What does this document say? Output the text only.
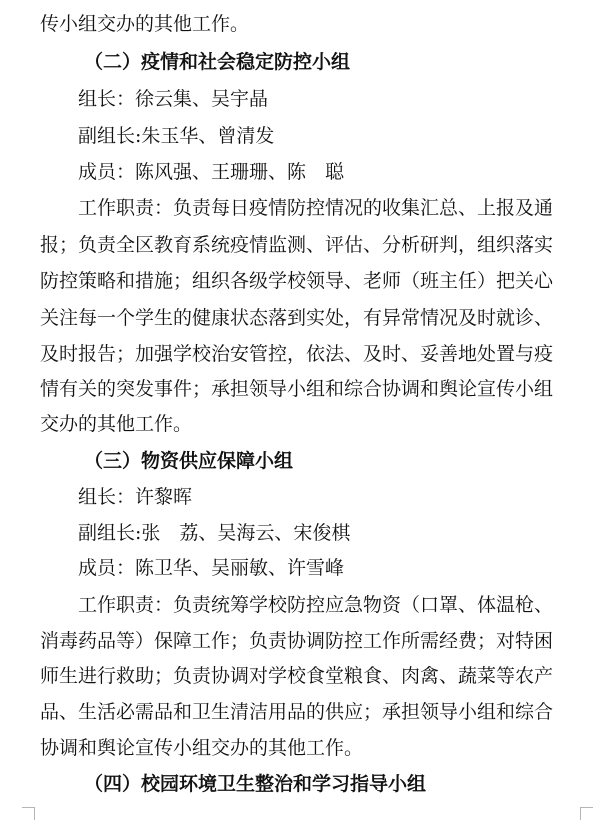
传小组交办的其他工作。
（二）疫情和社会稳定防控小组
组长：徐云集、吴宇晶
副组长:朱玉华、曾清发
成员：陈风强、王珊珊、陈　聪
工作职责：负责每日疫情防控情况的收集汇总、上报及通
报；负责全区教育系统疫情监测、评估、分析研判，组织落实
防控策略和措施；组织各级学校领导、老师（班主任）把关心
关注每一个学生的健康状态落到实处，有异常情况及时就诊、
及时报告；加强学校治安管控，依法、及时、妥善地处置与疫
情有关的突发事件；承担领导小组和综合协调和舆论宣传小组
交办的其他工作。
（三）物资供应保障小组
组长：许黎晖
副组长:张　荔、吴海云、宋俊棋
成员：陈卫华、吴丽敏、许雪峰
工作职责：负责统筹学校防控应急物资（口罩、体温枪、
消毒药品等）保障工作；负责协调防控工作所需经费；对特困
师生进行救助；负责协调对学校食堂粮食、肉禽、蔬菜等农产
品、生活必需品和卫生清洁用品的供应；承担领导小组和综合
协调和舆论宣传小组交办的其他工作。
（四）校园环境卫生整治和学习指导小组
